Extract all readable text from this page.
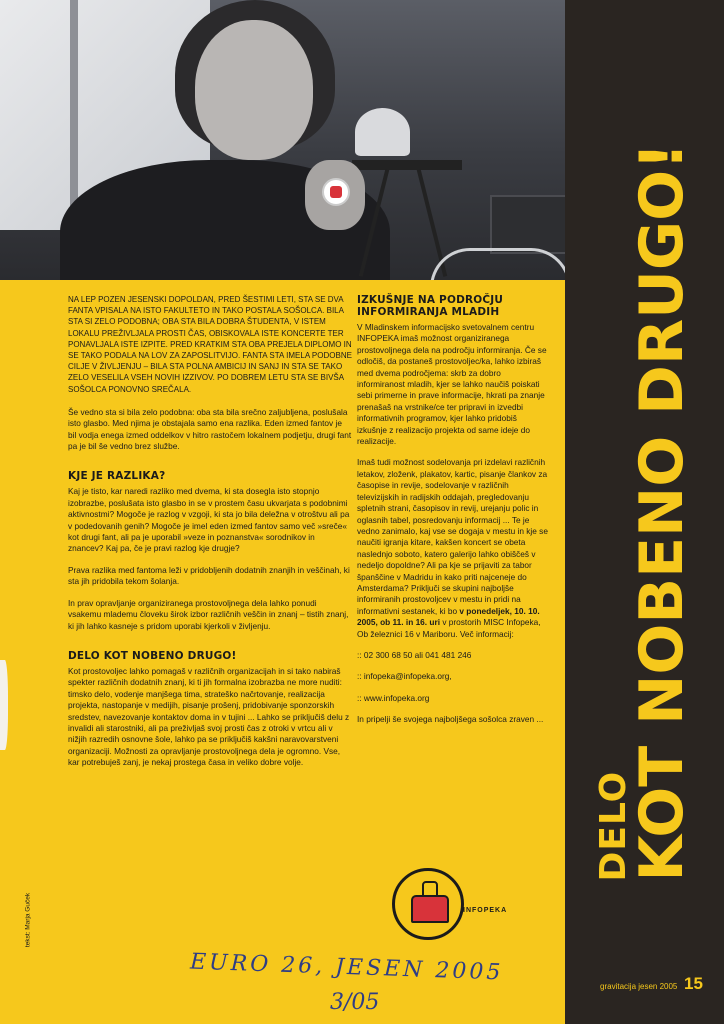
DELO
KOT NOBENO DRUGO!

NA LEP POZEN JESENSKI DOPOLDAN, PRED ŠESTIMI LETI, STA SE DVA FANTA VPISALA NA ISTO FAKULTETO IN TAKO POSTALA SOŠOLCA. BILA STA SI ZELO PODOBNA; OBA STA BILA DOBRA ŠTUDENTA, V ISTEM LOKALU PREŽIVLJALA PROSTI ČAS, OBISKOVALA ISTE KONCERTE TER PONAVLJALA ISTE IZPITE. PRED KRATKIM STA OBA PREJELA DIPLOMO IN SE TAKO PODALA NA LOV ZA ZAPOSLITVIJO. FANTA STA IMELA PODOBNE CILJE V ŽIVLJENJU – BILA STA POLNA AMBICIJ IN SANJ IN STA SE TAKO ZELO VESELILA VSEH NOVIH IZZIVOV. PO DOBREM LETU STA SE BIVŠA SOŠOLCA PONOVNO SREČALA.

Še vedno sta si bila zelo podobna: oba sta bila srečno zaljubljena, poslušala isto glasbo. Med njima je obstajala samo ena razlika. Eden izmed fantov je bil vodja enega izmed oddelkov v hitro rastočem lokalnem podjetju, drugi fant pa je bil še vedno brez službe.

KJE JE RAZLIKA?

Kaj je tisto, kar naredi razliko med dvema, ki sta dosegla isto stopnjo izobrazbe, poslušata isto glasbo in se v prostem času ukvarjata s podobnimi aktivnostmi? Mogoče je razlog v vzgoji, ki sta jo bila deležna v otroštvu ali pa v podedovanih genih? Mogoče je imel eden izmed fantov samo več »sreče« kot drugi fant, ali pa je uporabil »veze in poznanstva« sorodnikov in znancev? Kaj pa, če je pravi razlog kje drugje?

Prava razlika med fantoma leži v pridobljenih dodatnih znanjih in veščinah, ki sta jih pridobila tekom šolanja.

In prav opravljanje organiziranega prostovoljnega dela lahko ponudi vsakemu mlademu človeku širok izbor različnih veščin in znanj – tistih znanj, ki jih lahko kasneje s pridom uporabi kjerkoli v življenju.

DELO KOT NOBENO DRUGO!

Kot prostovoljec lahko pomagaš v različnih organizacijah in si tako nabiraš spekter različnih dodatnih znanj, ki ti jih formalna izobrazba ne more nuditi: timsko delo, vodenje manjšega tima, strateško načrtovanje, realizacija projekta, nastopanje v medijih, pisanje prošenj, pridobivanje sponzorskih sredstev, navezovanje kontaktov doma in v tujini ... Lahko se priključiš delu z invalidi ali starostniki, ali pa preživljaš svoj prosti čas z otroki v vrtcu ali v nižjih razredih osnovne šole, lahko pa se priključiš kakšni naravovarstveni organizaciji. Možnosti za opravljanje prostovoljnega dela je ogromno. Vse, kar potrebuješ zanj, je nekaj prostega časa in veliko dobre volje.

IZKUŠNJE NA PODROČJU INFORMIRANJA MLADIH

V Mladinskem informacijsko svetovalnem centru INFOPEKA imaš možnost organiziranega prostovoljnega dela na področju informiranja. Če se odločiš, da postaneš prostovoljec/ka, lahko izbiraš med dvema področjema: skrb za dobro informiranost mladih, kjer se lahko naučiš poiskati sebi primerne in prave informacije, hkrati pa znanje prenašaš na vrstnike/ce ter pripravi in izvedbi informativnih programov, kjer lahko pridobiš izkušnje z realizacijo projekta od same ideje do realizacije.

Imaš tudi možnost sodelovanja pri izdelavi različnih letakov, zloženk, plakatov, kartic, pisanje člankov za časopise in revije, sodelovanje v različnih televizijskih in radijskih oddajah, pregledovanju spletnih strani, časopisov in revij, urejanju polic in oglasnih tabel, posredovanju informacij ... Te je vedno zanimalo, kaj vse se dogaja v mestu in kje se naučiti igranja kitare, kakšen koncert se obeta naslednjo soboto, katero galerijo lahko obiščeš v nedeljo dopoldne? Ali pa kje se prijaviti za tabor španščine v Madridu in kako priti najceneje do Amsterdama? Priključi se skupini najboljše informiranih prostovoljcev v mestu in pridi na informativni sestanek, ki bo v ponedeljek, 10. 10. 2005, ob 11. in 16. uri v prostorih MISC Infopeka, Ob železnici 16 v Mariboru. Več informacij:

:: 02 300 68 50 ali 041 481 246

:: infopeka@infopeka.org,

:: www.infopeka.org

In pripelji še svojega najboljšega sošolca zraven ...

INFOPEKA
tekst: Marja Guček
EURO 26, JESEN 2005
3/05
gravitacija jesen 2005 15
